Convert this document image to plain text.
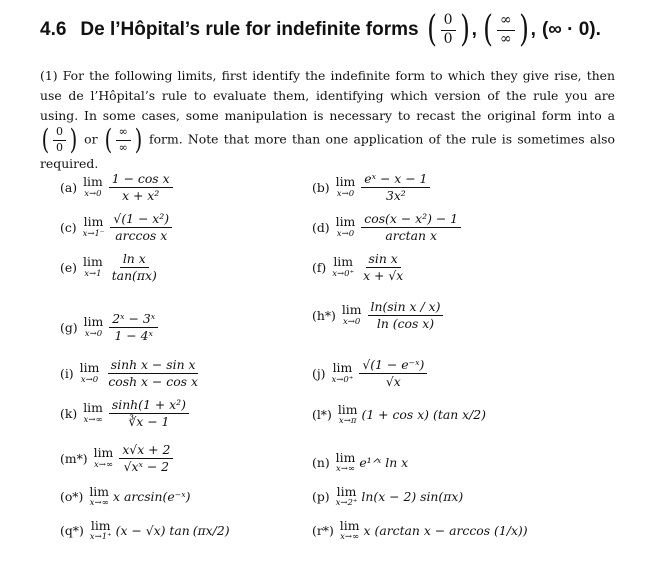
4.6 De l’Hôpital’s rule for indefinite forms ( $\frac{0}{0}$ ) , ( $\frac{\infty}{\infty}$ ) , (∞ · 0).
(1) For the following limits, first identify the indefinite form to which they give rise, then use de l’Hôpital’s rule to evaluate them, identifying which version of the rule you are using. In some cases, some manipulation is necessary to recast the original form into a
( $\frac{0}{0}$ ) or ( $\frac{\infty}{\infty}$ ) form. Note that more than one application of the rule is sometimes also required.
(a) lim
$x\to 0 \frac{\text{1 − cos x}}{\text{x + x²}}$
(c) lim
$x\to 1^- \frac{\text{√(1 − x²)}}{\text{arccos x}}$
(e) lim
$x\to 1 \frac{\text{ln x}}{\tan(\pi x)}$
(g) lim
$x\to 0 \frac{\text{2ˣ − 3ˣ}}{\text{1 − 4ˣ}}$
(i) lim
$x\to 0 \frac{\text{sinh x − sin x}}{\text{cosh x − cos x}}$
(k) lim
$x\to\infty \frac{\text{sinh(1 + x²)}}{∛x - 1}$
(m*) lim
$x\to\infty \frac{x√x + 2}{\text{√xˣ − 2}}$
(o*) lim
x→∞ x arcsin(e⁻ˣ)
(q*) lim
x→1⁺ (x − √x) tan (πx/2)
(b) lim
$x\to 0 \frac{\text{eˣ − x − 1}}{\text{3x²}}$
(d) lim
$x\to 0 \frac{\text{cos(x − x²) − 1}}{\text{arctan x}}$
(f) lim
$x\to 0^+ \frac{\text{sin x}}{x + √x}$
(h*) lim
$x\to 0 \frac{\text{ln(sin x / x)}}{\text{ln (cos x)}}$
(j) lim
$x\to 0^+ \frac{\text{√(1 − e⁻ˣ)}}{√x}$
(l*) lim
x→π (1 + cos x) (tan x/2)
(n) lim
x→∞ e¹ᐟˣ ln x
(p) lim
x→2⁺ ln(x − 2) sin(πx)
(r*) lim
x→∞ x (arctan x − arccos (1/x))
